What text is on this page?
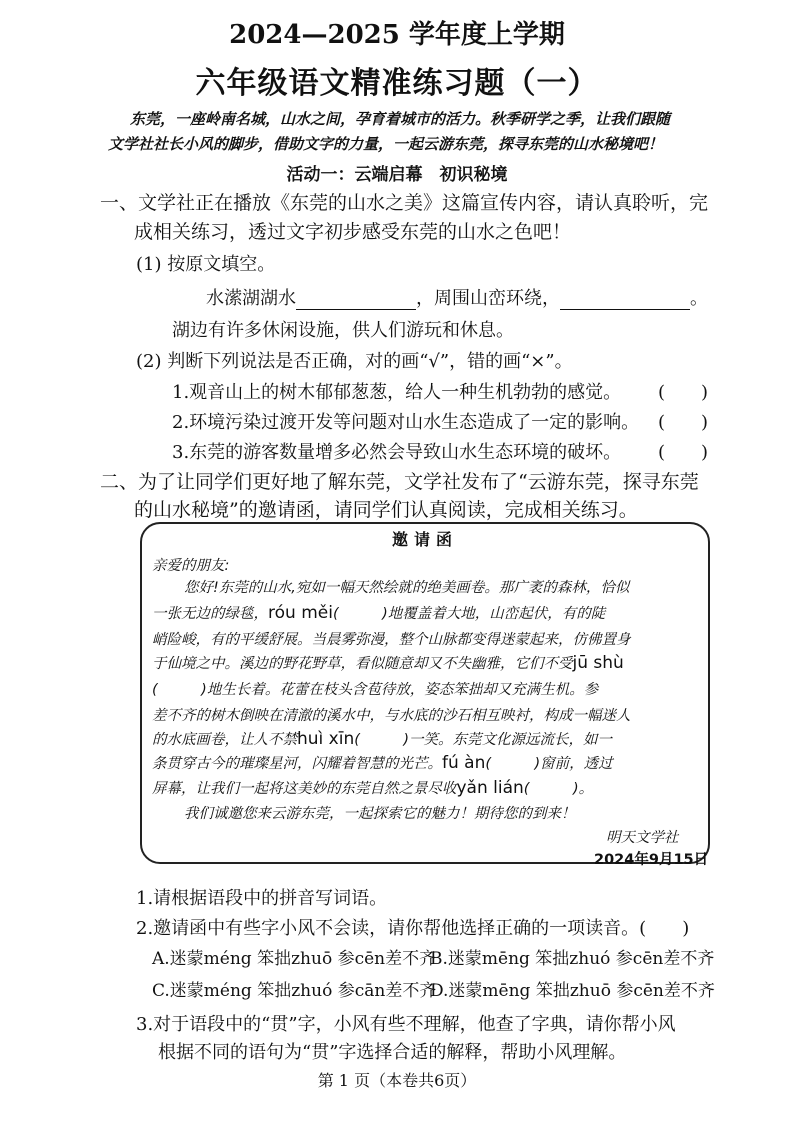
2024—2025 学年度上学期
六年级语文精准练习题（一）
东莞，一座岭南名城，山水之间，孕育着城市的活力。秋季研学之季，让我们跟随
文学社社长小风的脚步，借助文字的力量，一起云游东莞，探寻东莞的山水秘境吧！
活动一：云端启幕　初识秘境
一、文学社正在播放《东莞的山水之美》这篇宣传内容，请认真聆听，完
成相关练习，透过文字初步感受东莞的山水之色吧！
(1) 按原文填空。
水潆湖湖水	，周围山峦环绕，	。
湖边有许多休闲设施，供人们游玩和休息。
(2) 判断下列说法是否正确，对的画“√”，错的画“×”。
1.观音山上的树木郁郁葱葱，给人一种生机勃勃的感觉。 (　　)
2.环境污染过渡开发等问题对山水生态造成了一定的影响。 (　　)
3.东莞的游客数量增多必然会导致山水生态环境的破坏。 (　　)
二、为了让同学们更好地了解东莞，文学社发布了“云游东莞，探寻东莞
的山水秘境”的邀请函，请同学们认真阅读，完成相关练习。
邀请函
亲爱的朋友:
您好!东莞的山水,宛如一幅天然绘就的绝美画卷。那广袤的森林，恰似
一张无边的绿毯，róu měi(　　　)地覆盖着大地，山峦起伏，有的陡
峭险峻，有的平缓舒展。当晨雾弥漫，整个山脉都变得迷蒙起来，仿佛置身
于仙境之中。溪边的野花野草，看似随意却又不失幽雅，它们不受jū shù
(　　　)地生长着。花蕾在枝头含苞待放，姿态笨拙却又充满生机。参
差不齐的树木倒映在清澈的溪水中，与水底的沙石相互映衬，构成一幅迷人
的水底画卷，让人不禁huì xīn(　　　)一笑。东莞文化源远流长，如一
条贯穿古今的璀璨星河，闪耀着智慧的光芒。fú àn(　　　)窗前，透过
屏幕，让我们一起将这美妙的东莞自然之景尽收yǎn lián(　　　)。
我们诚邀您来云游东莞，一起探索它的魅力！期待您的到来！
明天文学社
2024年9月15日
1.请根据语段中的拼音写词语。
2.邀请函中有些字小风不会读，请你帮他选择正确的一项读音。(　　)
A.迷蒙méng 笨拙zhuō 参cēn差不齐
B.迷蒙mēng 笨拙zhuó 参cēn差不齐
C.迷蒙méng 笨拙zhuó 参cān差不齐
D.迷蒙mēng 笨拙zhuō 参cēn差不齐
3.对于语段中的“贯”字，小风有些不理解，他查了字典，请你帮小风
根据不同的语句为“贯”字选择合适的解释，帮助小风理解。
第 1 页（本卷共6页）
